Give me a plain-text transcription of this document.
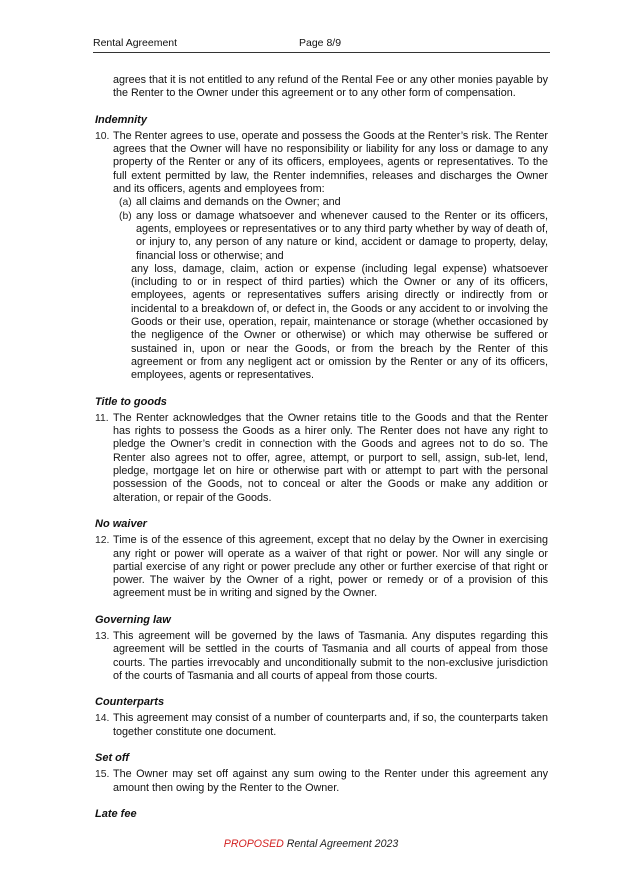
Rental Agreement	Page 8/9
agrees that it is not entitled to any refund of the Rental Fee or any other monies payable by the Renter to the Owner under this agreement or to any other form of compensation.
Indemnity
10. The Renter agrees to use, operate and possess the Goods at the Renter’s risk. The Renter agrees that the Owner will have no responsibility or liability for any loss or damage to any property of the Renter or any of its officers, employees, agents or representatives. To the full extent permitted by law, the Renter indemnifies, releases and discharges the Owner and its officers, agents and employees from:
(a) all claims and demands on the Owner; and
(b) any loss or damage whatsoever and whenever caused to the Renter or its officers, agents, employees or representatives or to any third party whether by way of death of, or injury to, any person of any nature or kind, accident or damage to property, delay, financial loss or otherwise; and
any loss, damage, claim, action or expense (including legal expense) whatsoever (including to or in respect of third parties) which the Owner or any of its officers, employees, agents or representatives suffers arising directly or indirectly from or incidental to a breakdown of, or defect in, the Goods or any accident to or involving the Goods or their use, operation, repair, maintenance or storage (whether occasioned by the negligence of the Owner or otherwise) or which may otherwise be suffered or sustained in, upon or near the Goods, or from the breach by the Renter of this agreement or from any negligent act or omission by the Renter or any of its officers, employees, agents or representatives.
Title to goods
11. The Renter acknowledges that the Owner retains title to the Goods and that the Renter has rights to possess the Goods as a hirer only. The Renter does not have any right to pledge the Owner’s credit in connection with the Goods and agrees not to do so. The Renter also agrees not to offer, agree, attempt, or purport to sell, assign, sub-let, lend, pledge, mortgage let on hire or otherwise part with or attempt to part with the personal possession of the Goods, not to conceal or alter the Goods or make any addition or alteration, or repair of the Goods.
No waiver
12. Time is of the essence of this agreement, except that no delay by the Owner in exercising any right or power will operate as a waiver of that right or power. Nor will any single or partial exercise of any right or power preclude any other or further exercise of that right or power. The waiver by the Owner of a right, power or remedy or of a provision of this agreement must be in writing and signed by the Owner.
Governing law
13. This agreement will be governed by the laws of Tasmania. Any disputes regarding this agreement will be settled in the courts of Tasmania and all courts of appeal from those courts. The parties irrevocably and unconditionally submit to the non-exclusive jurisdiction of the courts of Tasmania and all courts of appeal from those courts.
Counterparts
14. This agreement may consist of a number of counterparts and, if so, the counterparts taken together constitute one document.
Set off
15. The Owner may set off against any sum owing to the Renter under this agreement any amount then owing by the Renter to the Owner.
Late fee
PROPOSED Rental Agreement 2023
